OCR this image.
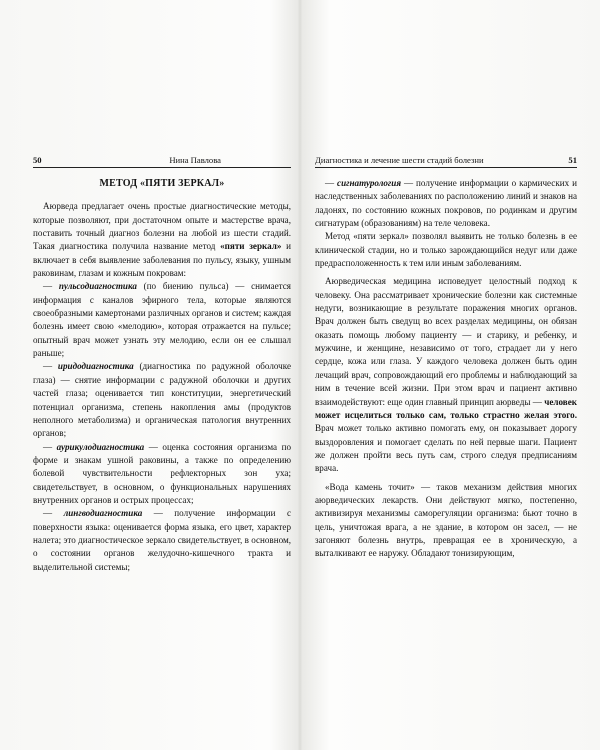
50	Нина Павлова
МЕТОД «ПЯТИ ЗЕРКАЛ»

Аюрведа предлагает очень простые диагностические методы, которые позволяют, при достаточном опыте и мастерстве врача, поставить точный диагноз болезни на любой из шести стадий. Такая диагностика получила название метод «пяти зеркал» и включает в себя выявление заболевания по пульсу, языку, ушным раковинам, глазам и кожным покровам:

— пульсодиагностика (по биению пульса) — снимается информация с каналов эфирного тела, которые являются своеобразными камертонами различных органов и систем; каждая болезнь имеет свою «мелодию», которая отражается на пульсе; опытный врач может узнать эту мелодию, если он ее слышал раньше;

— иридодиагностика (диагностика по радужной оболочке глаза) — снятие информации с радужной оболочки и других частей глаза; оценивается тип конституции, энергетический потенциал организма, степень накопления амы (продуктов неполного метаболизма) и органическая патология внутренних органов;

— аурикулодиагностика — оценка состояния организма по форме и знакам ушной раковины, а также по определению болевой чувствительности рефлекторных зон уха; свидетельствует, в основном, о функциональных нарушениях внутренних органов и острых процессах;

— лингводиагностика — получение информации с поверхности языка: оценивается форма языка, его цвет, характер налета; это диагностическое зеркало свидетельствует, в основном, о состоянии органов желудочно-кишечного тракта и выделительной системы;

Диагностика и лечение шести стадий болезни	51

— сигнатурология — получение информации о кармических и наследственных заболеваниях по расположению линий и знаков на ладонях, по состоянию кожных покровов, по родинкам и другим сигнатурам (образованиям) на теле человека.

Метод «пяти зеркал» позволял выявить не только болезнь в ее клинической стадии, но и только зарождающийся недуг или даже предрасположенность к тем или иным заболеваниям.

Аюрведическая медицина исповедует целостный подход к человеку. Она рассматривает хронические болезни как системные недуги, возникающие в результате поражения многих органов. Врач должен быть сведущ во всех разделах медицины, он обязан оказать помощь любому пациенту — и старику, и ребенку, и мужчине, и женщине, независимо от того, страдает ли у него сердце, кожа или глаза. У каждого человека должен быть один лечащий врач, сопровождающий его проблемы и наблюдающий за ним в течение всей жизни. При этом врач и пациент активно взаимодействуют: еще один главный принцип аюрведы — человек может исцелиться только сам, только страстно желая этого. Врач может только активно помогать ему, он показывает дорогу выздоровления и помогает сделать по ней первые шаги. Пациент же должен пройти весь путь сам, строго следуя предписаниям врача.

«Вода камень точит» — таков механизм действия многих аюрведических лекарств. Они действуют мягко, постепенно, активизируя механизмы саморегуляции организма: бьют точно в цель, уничтожая врага, а не здание, в котором он засел, — не загоняют болезнь внутрь, превращая ее в хроническую, а выталкивают ее наружу. Обладают тонизирующим,
